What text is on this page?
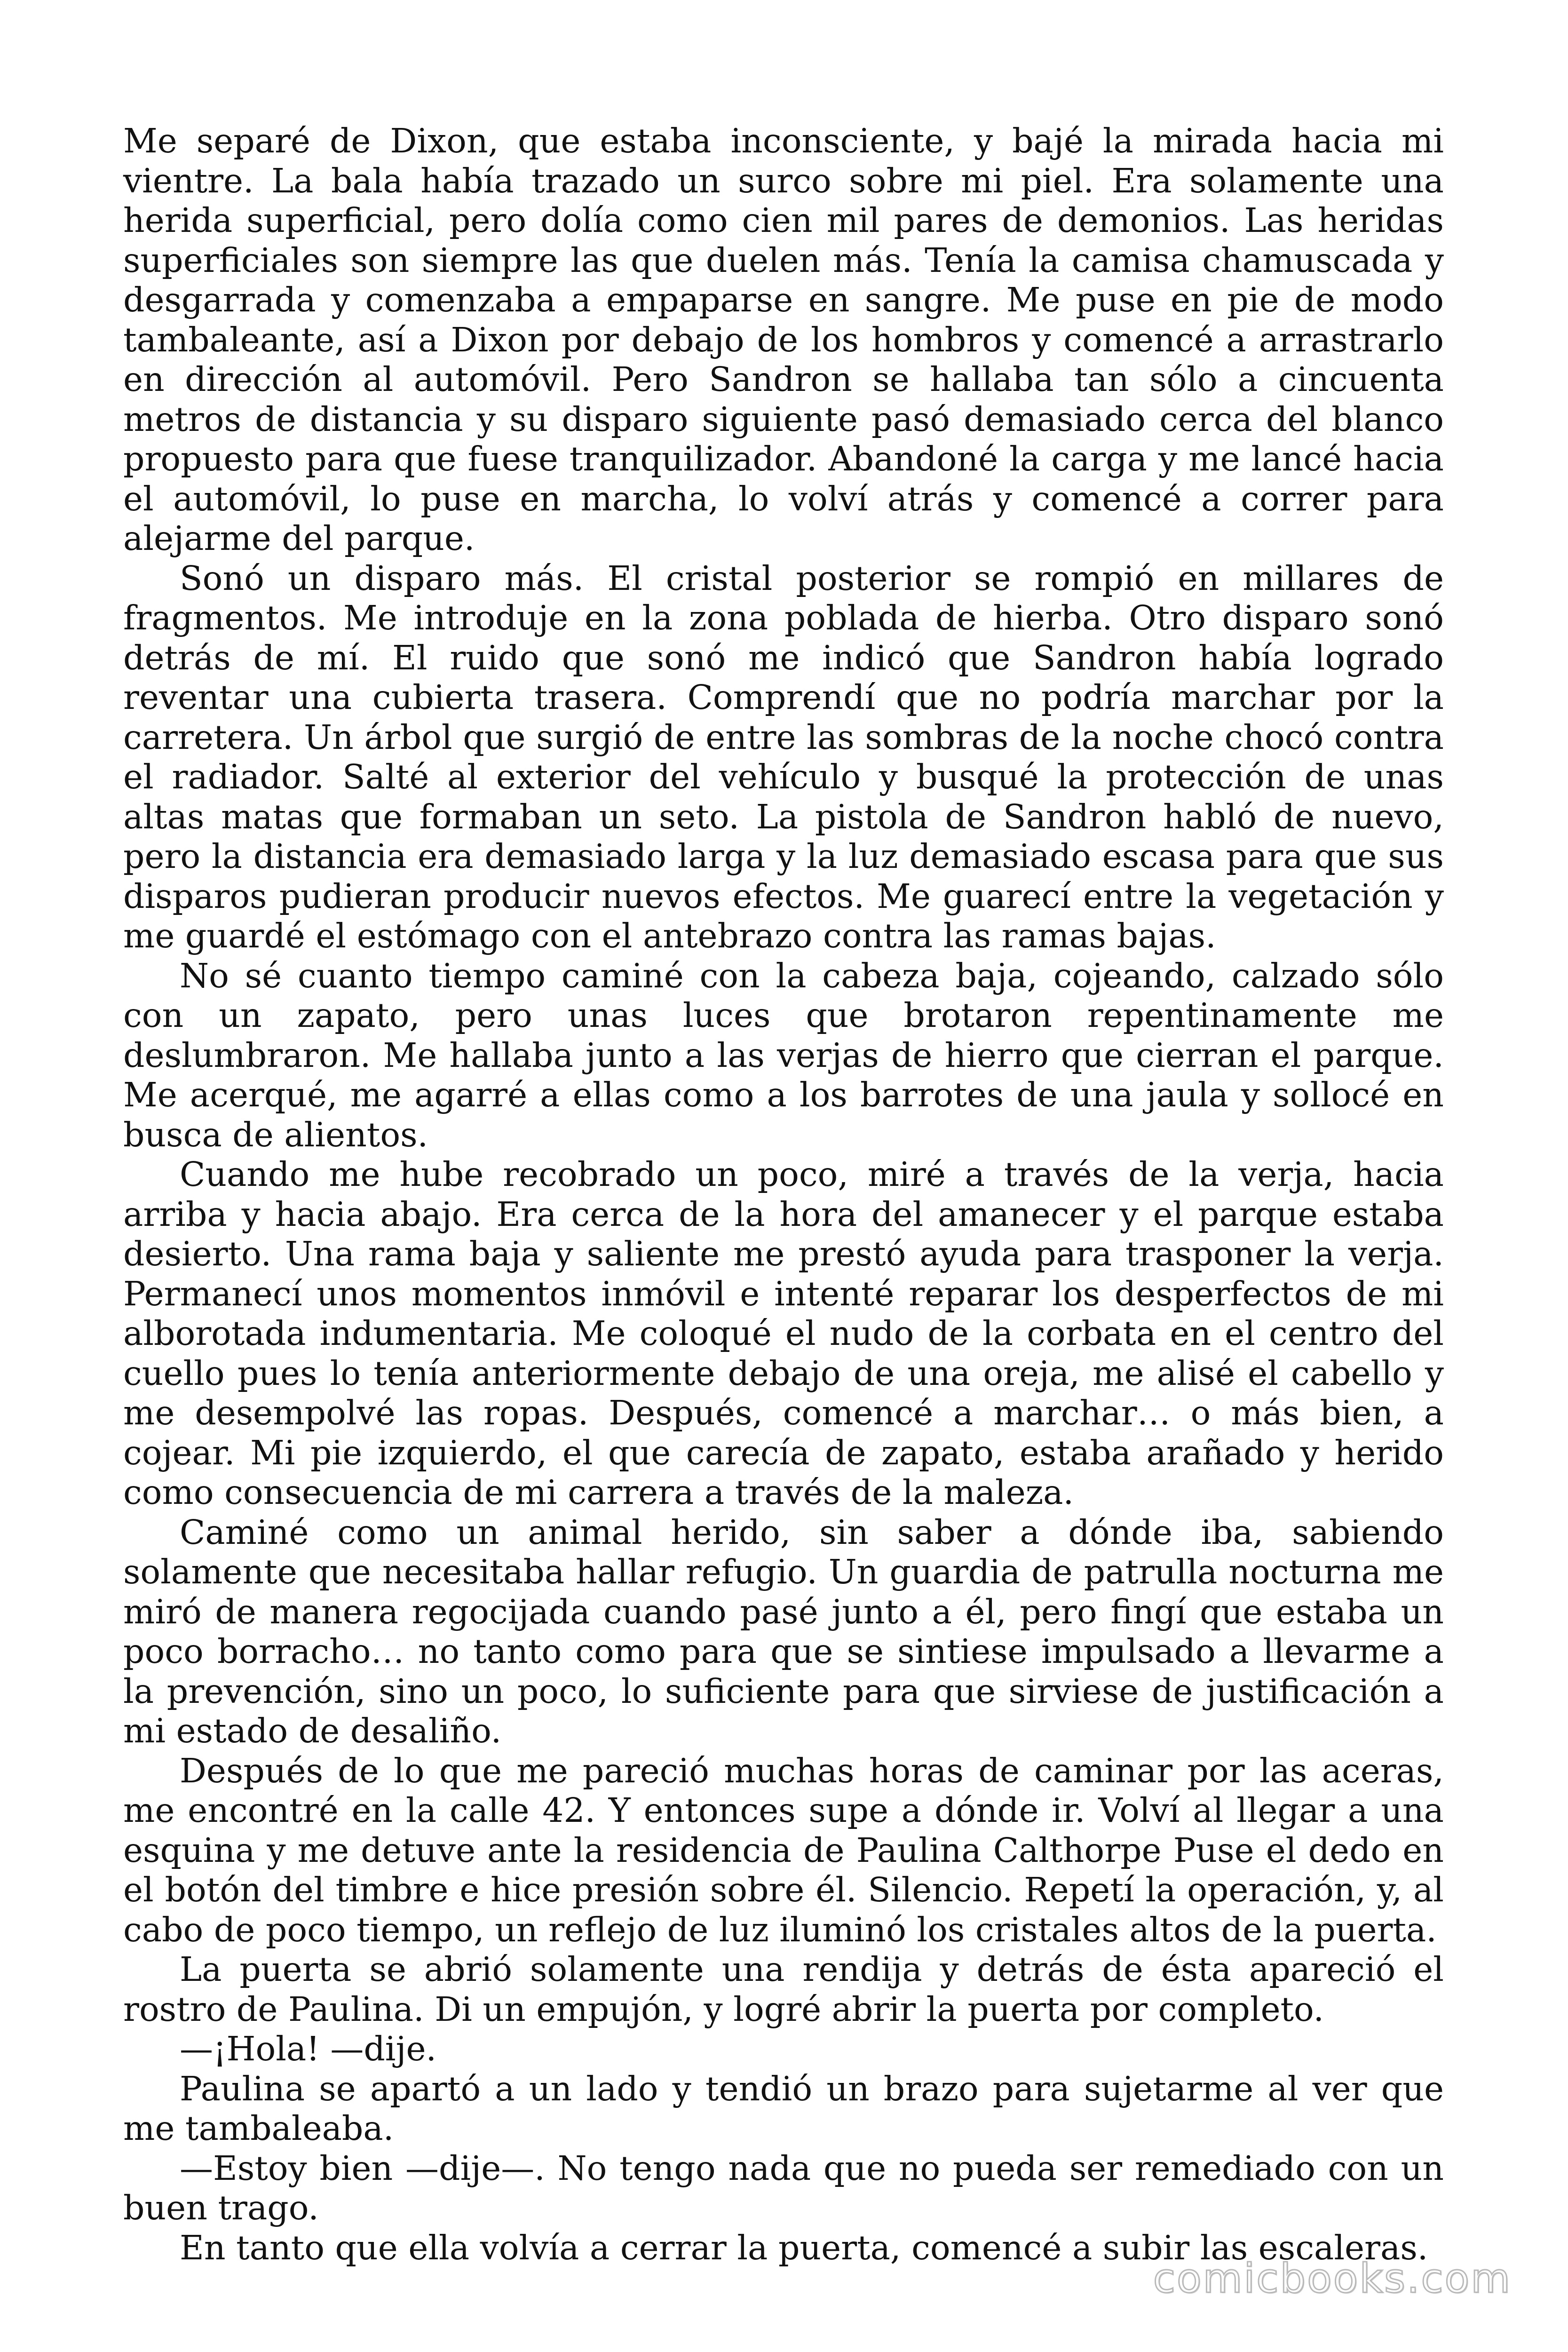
Me separé de Dixon, que estaba inconsciente, y bajé la mirada hacia mi vientre. La bala había trazado un surco sobre mi piel. Era solamente una herida superficial, pero dolía como cien mil pares de demonios. Las heridas superficiales son siempre las que duelen más. Tenía la camisa chamuscada y desgarrada y comenzaba a empaparse en sangre. Me puse en pie de modo tambaleante, así a Dixon por debajo de los hombros y comencé a arrastrarlo en dirección al automóvil. Pero Sandron se hallaba tan sólo a cincuenta metros de distancia y su disparo siguiente pasó demasiado cerca del blanco propuesto para que fuese tranquilizador. Abandoné la carga y me lancé hacia el automóvil, lo puse en marcha, lo volví atrás y comencé a correr para alejarme del parque.

Sonó un disparo más. El cristal posterior se rompió en millares de fragmentos. Me introduje en la zona poblada de hierba. Otro disparo sonó detrás de mí. El ruido que sonó me indicó que Sandron había logrado reventar una cubierta trasera. Comprendí que no podría marchar por la carretera. Un árbol que surgió de entre las sombras de la noche chocó contra el radiador. Salté al exterior del vehículo y busqué la protección de unas altas matas que formaban un seto. La pistola de Sandron habló de nuevo, pero la distancia era demasiado larga y la luz demasiado escasa para que sus disparos pudieran producir nuevos efectos. Me guarecí entre la vegetación y me guardé el estómago con el antebrazo contra las ramas bajas.

No sé cuanto tiempo caminé con la cabeza baja, cojeando, calzado sólo con un zapato, pero unas luces que brotaron repentinamente me deslumbraron. Me hallaba junto a las verjas de hierro que cierran el parque. Me acerqué, me agarré a ellas como a los barrotes de una jaula y sollocé en busca de alientos.

Cuando me hube recobrado un poco, miré a través de la verja, hacia arriba y hacia abajo. Era cerca de la hora del amanecer y el parque estaba desierto. Una rama baja y saliente me prestó ayuda para trasponer la verja. Permanecí unos momentos inmóvil e intenté reparar los desperfectos de mi alborotada indumentaria. Me coloqué el nudo de la corbata en el centro del cuello pues lo tenía anteriormente debajo de una oreja, me alisé el cabello y me desempolvé las ropas. Después, comencé a marchar… o más bien, a cojear. Mi pie izquierdo, el que carecía de zapato, estaba arañado y herido como consecuencia de mi carrera a través de la maleza.

Caminé como un animal herido, sin saber a dónde iba, sabiendo solamente que necesitaba hallar refugio. Un guardia de patrulla nocturna me miró de manera regocijada cuando pasé junto a él, pero fingí que estaba un poco borracho… no tanto como para que se sintiese impulsado a llevarme a la prevención, sino un poco, lo suficiente para que sirviese de justificación a mi estado de desaliño.

Después de lo que me pareció muchas horas de caminar por las aceras, me encontré en la calle 42. Y entonces supe a dónde ir. Volví al llegar a una esquina y me detuve ante la residencia de Paulina Calthorpe Puse el dedo en el botón del timbre e hice presión sobre él. Silencio. Repetí la operación, y, al cabo de poco tiempo, un reflejo de luz iluminó los cristales altos de la puerta.

La puerta se abrió solamente una rendija y detrás de ésta apareció el rostro de Paulina. Di un empujón, y logré abrir la puerta por completo.

—¡Hola! —dije.

Paulina se apartó a un lado y tendió un brazo para sujetarme al ver que me tambaleaba.

—Estoy bien —dije—. No tengo nada que no pueda ser remediado con un buen trago.

En tanto que ella volvía a cerrar la puerta, comencé a subir las escaleras.

comicbooks.com
